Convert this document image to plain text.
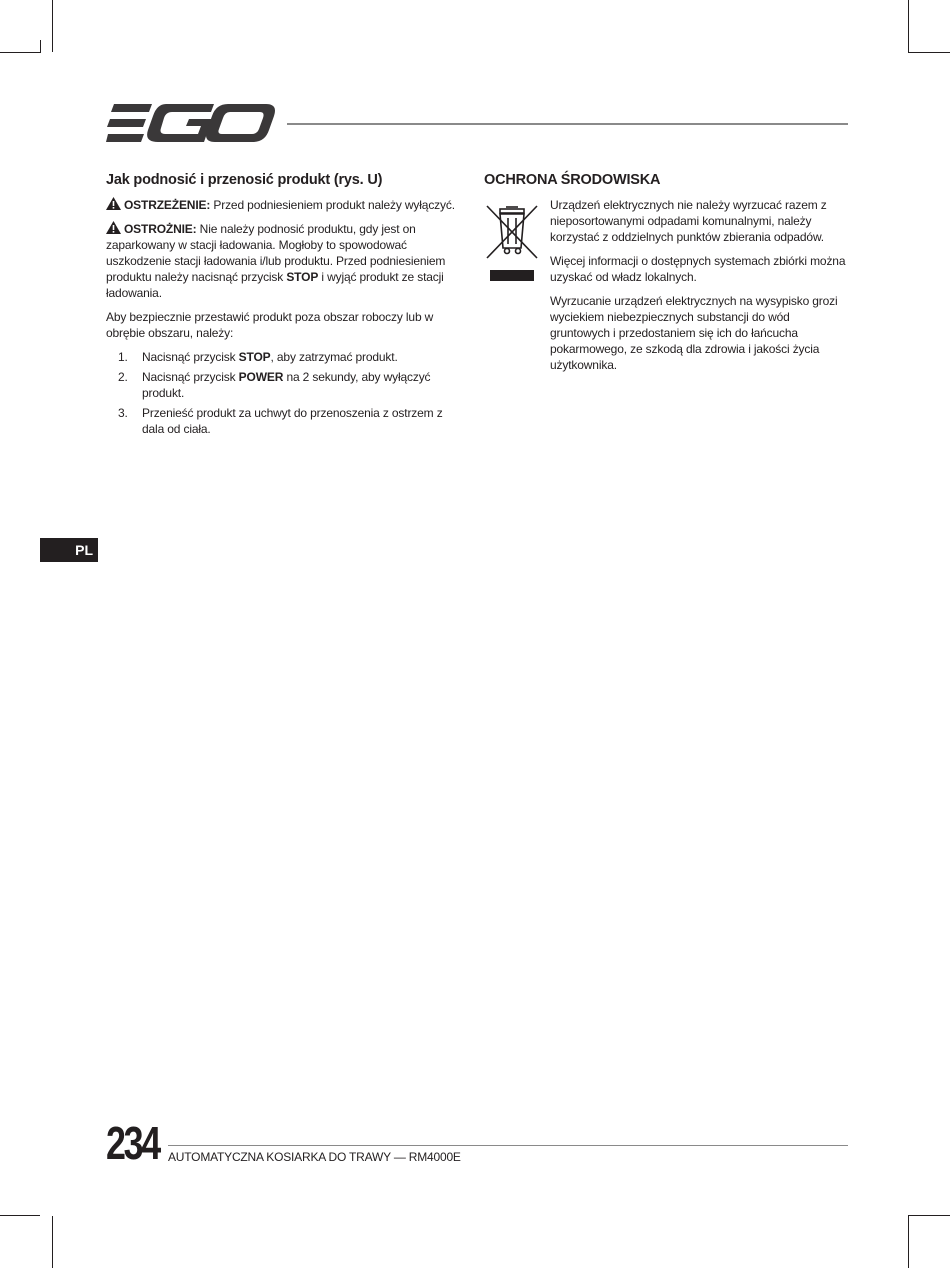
Jak podnosić i przenosić produkt (rys. U)

OSTRZEŻENIE: Przed podniesieniem produkt należy wyłączyć.

OSTROŻNIE: Nie należy podnosić produktu, gdy jest on zaparkowany w stacji ładowania. Mogłoby to spowodować uszkodzenie stacji ładowania i/lub produktu. Przed podniesieniem produktu należy nacisnąć przycisk STOP i wyjąć produkt ze stacji ładowania.

Aby bezpiecznie przestawić produkt poza obszar roboczy lub w obrębie obszaru, należy:

1. Nacisnąć przycisk STOP, aby zatrzymać produkt.
2. Nacisnąć przycisk POWER na 2 sekundy, aby wyłączyć produkt.
3. Przenieść produkt za uchwyt do przenoszenia z ostrzem z dala od ciała.
OCHRONA ŚRODOWISKA

Urządzeń elektrycznych nie należy wyrzucać razem z nieposortowanymi odpadami komunalnymi, należy korzystać z oddzielnych punktów zbierania odpadów.

Więcej informacji o dostępnych systemach zbiórki można uzyskać od władz lokalnych.

Wyrzucanie urządzeń elektrycznych na wysypisko grozi wyciekiem niebezpiecznych substancji do wód gruntowych i przedostaniem się ich do łańcucha pokarmowego, ze szkodą dla zdrowia i jakości życia użytkownika.

PL
234 AUTOMATYCZNA KOSIARKA DO TRAWY — RM4000E
